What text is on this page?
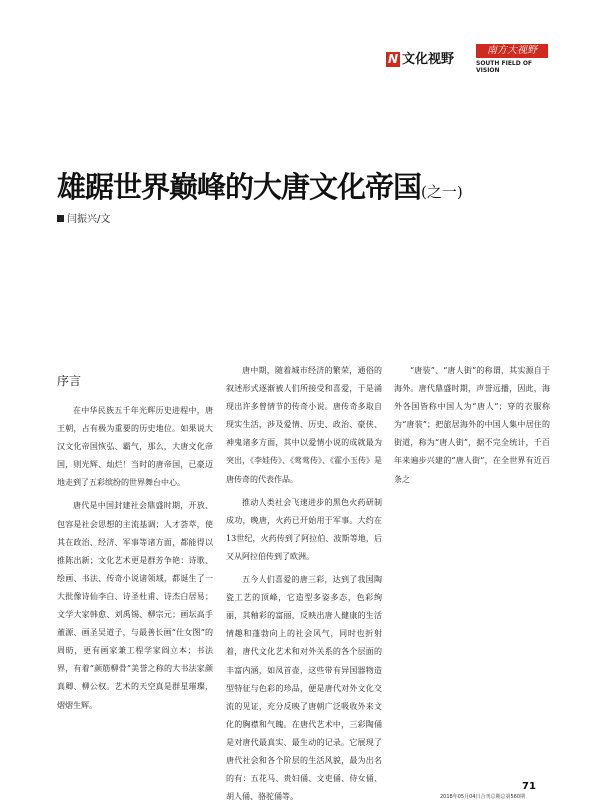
N 文化视野
南方大视野
SOUTH FIELD OF VISION
雄踞世界巅峰的大唐文化帝国(之一)
闫振兴/文
序言

在中华民族五千年光辉历史进程中，唐王朝，占有极为重要的历史地位。如果说大汉文化帝国恢弘、霸气，那么，大唐文化帝国，则光辉、灿烂！当时的唐帝国，已豪迈地走到了五彩缤纷的世界舞台中心。

唐代是中国封建社会鼎盛时期，开放、包容是社会思想的主流基调；人才荟萃，使其在政治、经济、军事等诸方面，都能得以推陈出新；文化艺术更是群芳争艳：诗歌、绘画、书法、传奇小说诸领域，都诞生了一大批像诗仙李白、诗圣杜甫、诗杰白居易；文学大家韩愈、刘禹锡、柳宗元；画坛高手董源、画圣吴道子，与最善长画“仕女图”的周昉，更有画家兼工程学家阎立本；书法界，有着“颜筋柳骨”美誉之称的大书法家颜真卿、柳公权。艺术的天空真是群星璀璨，熠熠生辉。

唐中期，随着城市经济的繁荣，通俗的叙述形式逐渐被人们所接受和喜爱，于是涌现出许多曾情节的传奇小说。唐传奇多取自现实生活，涉及爱情、历史、政治、豪侠、神鬼诸多方面，其中以爱情小说的成就最为突出，《李娃传》、《莺莺传》、《霍小玉传》是唐传奇的代表作品。

推动人类社会飞速进步的黑色火药研制成功，晚唐，火药已开始用于军事。大约在13世纪，火药传到了阿拉伯、波斯等地，后又从阿拉伯传到了欧洲。

五今人们喜爱的唐三彩，达到了我国陶瓷工艺的顶峰，它造型多姿多态，色彩绚丽，其釉彩的富丽，反映出唐人健康的生活情趣和蓬勃向上的社会风气，同时也折射着，唐代文化艺术和对外关系的各个层面的丰富内涵，如凤首壶，这些带有异国器物造型特征与色彩的珍品，便是唐代对外文化交流的见证，充分反映了唐朝广泛吸收外来文化的胸襟和气魄。在唐代艺术中，三彩陶俑是对唐代最真实、最生动的记录。它展现了唐代社会和各个阶层的生活风貌，最为出名的有：五花马、贵妇俑、文吏俑、侍女俑、胡人俑、骆驼俑等。

“唐装”、“唐人街”的称谓，其实源自于海外。唐代鼎盛时期，声誉远播，因此，海外各国皆称中国人为“唐人”；穿的衣服称为“唐装”；把旅居海外的中国人集中居住的街道，称为“唐人街”，据不完全统计，千百年来遍步兴建的“唐人街”，在全世界有近百条之

71
2018年05月04日合刊总期总第560期
